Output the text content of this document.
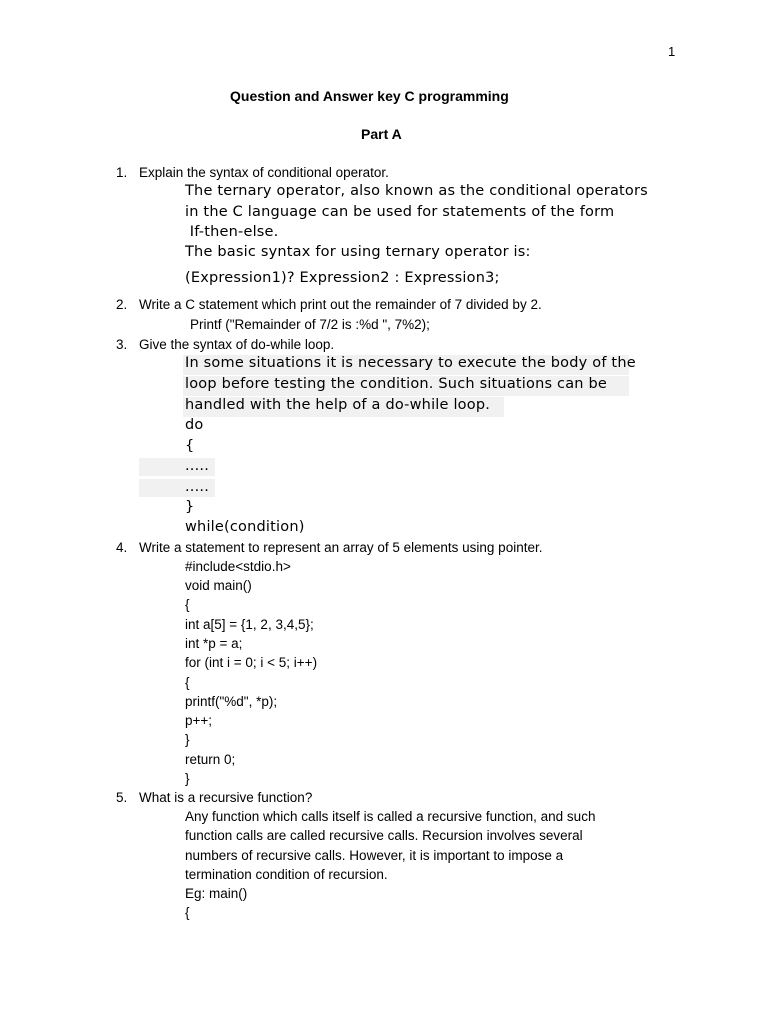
1
Question and Answer key C programming
Part A
1. Explain the syntax of conditional operator.
The ternary operator, also known as the conditional operators
in the C language can be used for statements of the form
If-then-else.
The basic syntax for using ternary operator is:
(Expression1)? Expression2 : Expression3;
2. Write a C statement which print out the remainder of 7 divided by 2.
Printf ("Remainder of 7/2 is :%d ", 7%2);
3. Give the syntax of do-while loop.
In some situations it is necessary to execute the body of the
loop before testing the condition. Such situations can be
handled with the help of a do-while loop.
do
{
.....
.....
}
while(condition)
4. Write a statement to represent an array of 5 elements using pointer.
#include<stdio.h>
void main()
{
int a[5] = {1, 2, 3,4,5};
int *p = a;
for (int i = 0; i < 5; i++)
{
printf("%d", *p);
p++;
}
return 0;
}
5. What is a recursive function?
Any function which calls itself is called a recursive function, and such
function calls are called recursive calls. Recursion involves several
numbers of recursive calls. However, it is important to impose a
termination condition of recursion.
Eg: main()
{
